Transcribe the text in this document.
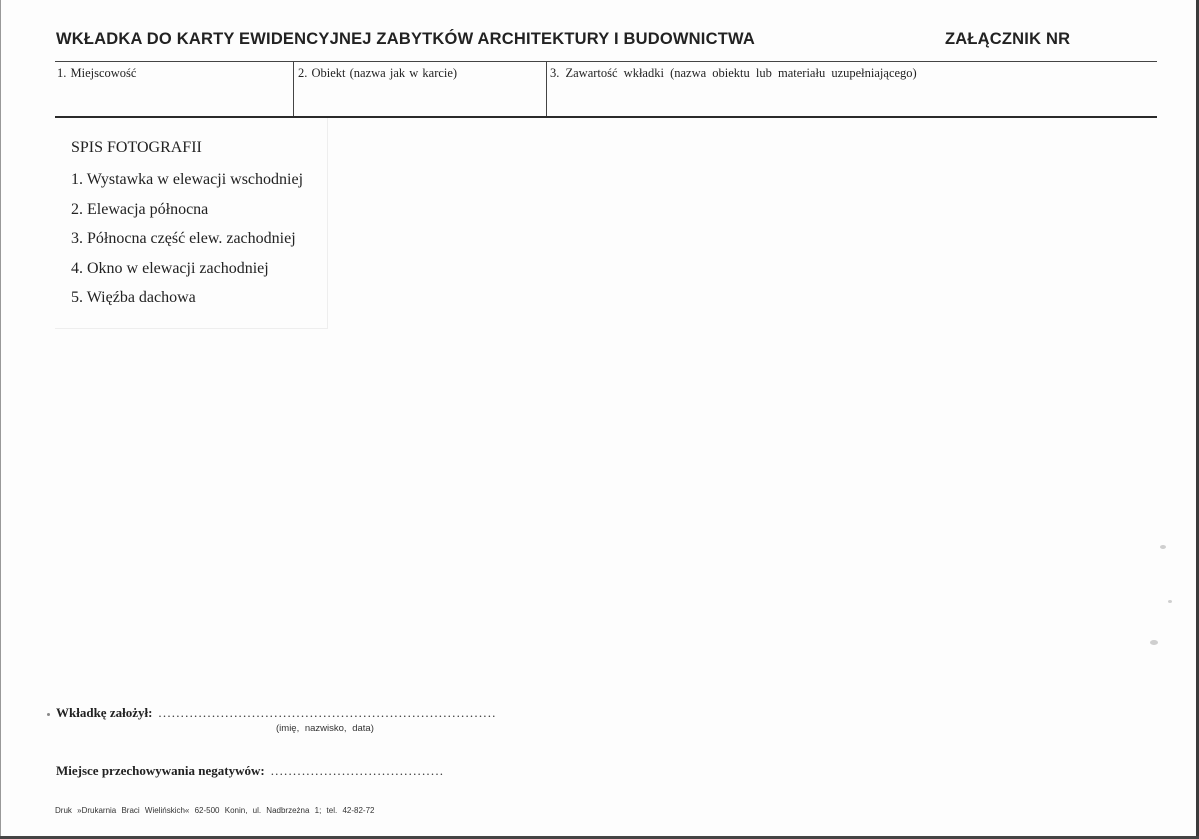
WKŁADKA DO KARTY EWIDENCYJNEJ ZABYTKÓW ARCHITEKTURY I BUDOWNICTWA	ZAŁĄCZNIK NR
1. Miejscowość	2. Obiekt (nazwa jak w karcie)	3. Zawartość wkładki (nazwa obiektu lub materiału uzupełniającego)
SPIS FOTOGRAFII
1. Wystawka w elewacji wschodniej
2. Elewacja północna
3. Północna część elew. zachodniej
4. Okno w elewacji zachodniej
5. Więźba dachowa
Wkładkę założył: ............................................................................
(imię, nazwisko, data)
Miejsce przechowywania negatywów: .......................................
Druk »Drukarnia Braci Wielińskich« 62-500 Konin, ul. Nadbrzeżna 1; tel. 42-82-72
